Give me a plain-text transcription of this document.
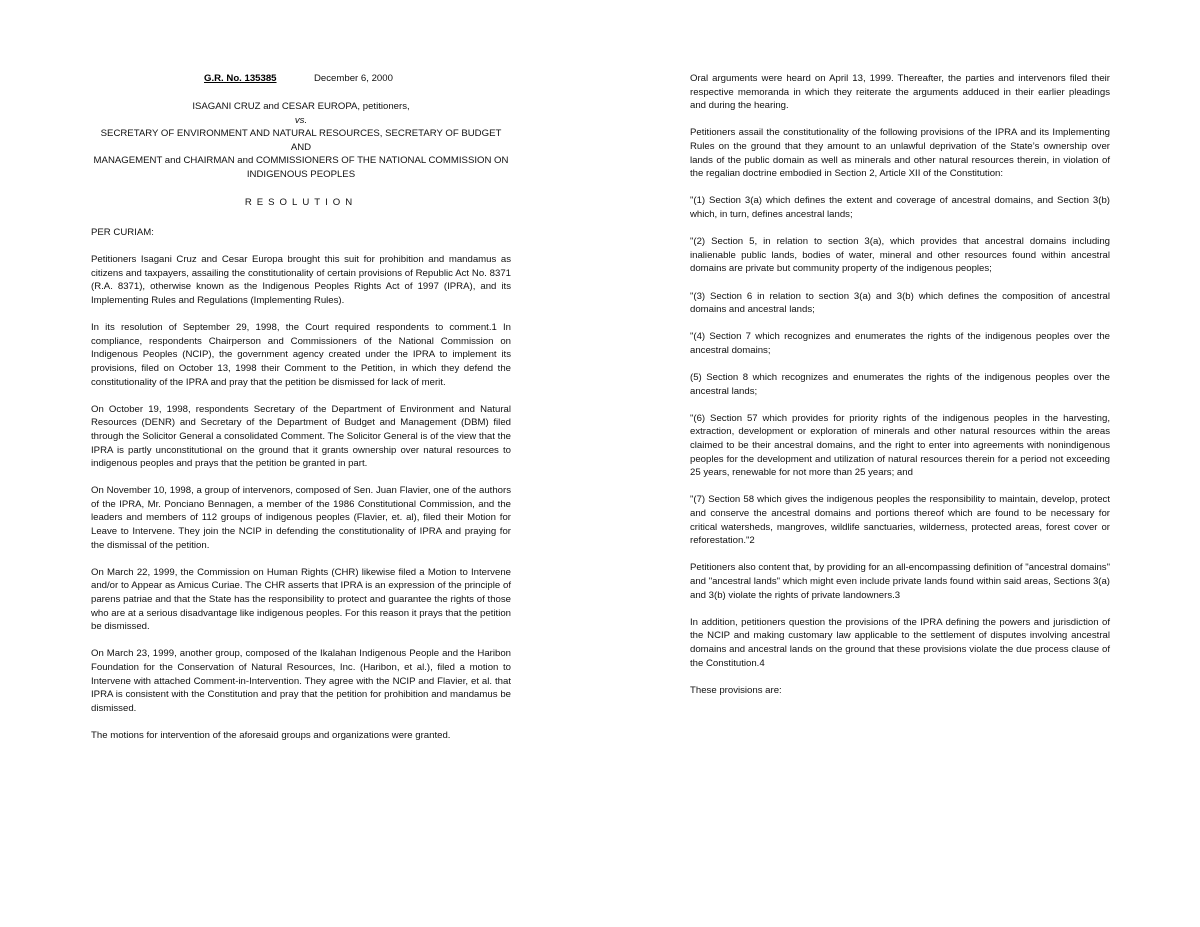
G.R. No. 135385	December 6, 2000
ISAGANI CRUZ and CESAR EUROPA, petitioners,
vs.
SECRETARY OF ENVIRONMENT AND NATURAL RESOURCES, SECRETARY OF BUDGET AND
MANAGEMENT and CHAIRMAN and COMMISSIONERS OF THE NATIONAL COMMISSION ON
INDIGENOUS PEOPLES
RESOLUTION
PER CURIAM:

Petitioners Isagani Cruz and Cesar Europa brought this suit for prohibition and mandamus as citizens and taxpayers, assailing the constitutionality of certain provisions of Republic Act No. 8371 (R.A. 8371), otherwise known as the Indigenous Peoples Rights Act of 1997 (IPRA), and its Implementing Rules and Regulations (Implementing Rules).

In its resolution of September 29, 1998, the Court required respondents to comment.1 In compliance, respondents Chairperson and Commissioners of the National Commission on Indigenous Peoples (NCIP), the government agency created under the IPRA to implement its provisions, filed on October 13, 1998 their Comment to the Petition, in which they defend the constitutionality of the IPRA and pray that the petition be dismissed for lack of merit.

On October 19, 1998, respondents Secretary of the Department of Environment and Natural Resources (DENR) and Secretary of the Department of Budget and Management (DBM) filed through the Solicitor General a consolidated Comment. The Solicitor General is of the view that the IPRA is partly unconstitutional on the ground that it grants ownership over natural resources to indigenous peoples and prays that the petition be granted in part.

On November 10, 1998, a group of intervenors, composed of Sen. Juan Flavier, one of the authors of the IPRA, Mr. Ponciano Bennagen, a member of the 1986 Constitutional Commission, and the leaders and members of 112 groups of indigenous peoples (Flavier, et. al), filed their Motion for Leave to Intervene. They join the NCIP in defending the constitutionality of IPRA and praying for the dismissal of the petition.

On March 22, 1999, the Commission on Human Rights (CHR) likewise filed a Motion to Intervene and/or to Appear as Amicus Curiae. The CHR asserts that IPRA is an expression of the principle of parens patriae and that the State has the responsibility to protect and guarantee the rights of those who are at a serious disadvantage like indigenous peoples. For this reason it prays that the petition be dismissed.

On March 23, 1999, another group, composed of the Ikalahan Indigenous People and the Haribon Foundation for the Conservation of Natural Resources, Inc. (Haribon, et al.), filed a motion to Intervene with attached Comment-in-Intervention. They agree with the NCIP and Flavier, et al. that IPRA is consistent with the Constitution and pray that the petition for prohibition and mandamus be dismissed.

The motions for intervention of the aforesaid groups and organizations were granted.

Oral arguments were heard on April 13, 1999. Thereafter, the parties and intervenors filed their respective memoranda in which they reiterate the arguments adduced in their earlier pleadings and during the hearing.

Petitioners assail the constitutionality of the following provisions of the IPRA and its Implementing Rules on the ground that they amount to an unlawful deprivation of the State’s ownership over lands of the public domain as well as minerals and other natural resources therein, in violation of the regalian doctrine embodied in Section 2, Article XII of the Constitution:

"(1) Section 3(a) which defines the extent and coverage of ancestral domains, and Section 3(b) which, in turn, defines ancestral lands;

"(2) Section 5, in relation to section 3(a), which provides that ancestral domains including inalienable public lands, bodies of water, mineral and other resources found within ancestral domains are private but community property of the indigenous peoples;

"(3) Section 6 in relation to section 3(a) and 3(b) which defines the composition of ancestral domains and ancestral lands;

"(4) Section 7 which recognizes and enumerates the rights of the indigenous peoples over the ancestral domains;

(5) Section 8 which recognizes and enumerates the rights of the indigenous peoples over the ancestral lands;

"(6) Section 57 which provides for priority rights of the indigenous peoples in the harvesting, extraction, development or exploration of minerals and other natural resources within the areas claimed to be their ancestral domains, and the right to enter into agreements with nonindigenous peoples for the development and utilization of natural resources therein for a period not exceeding 25 years, renewable for not more than 25 years; and

"(7) Section 58 which gives the indigenous peoples the responsibility to maintain, develop, protect and conserve the ancestral domains and portions thereof which are found to be necessary for critical watersheds, mangroves, wildlife sanctuaries, wilderness, protected areas, forest cover or reforestation."2

Petitioners also content that, by providing for an all-encompassing definition of "ancestral domains" and "ancestral lands" which might even include private lands found within said areas, Sections 3(a) and 3(b) violate the rights of private landowners.3

In addition, petitioners question the provisions of the IPRA defining the powers and jurisdiction of the NCIP and making customary law applicable to the settlement of disputes involving ancestral domains and ancestral lands on the ground that these provisions violate the due process clause of the Constitution.4

These provisions are:
